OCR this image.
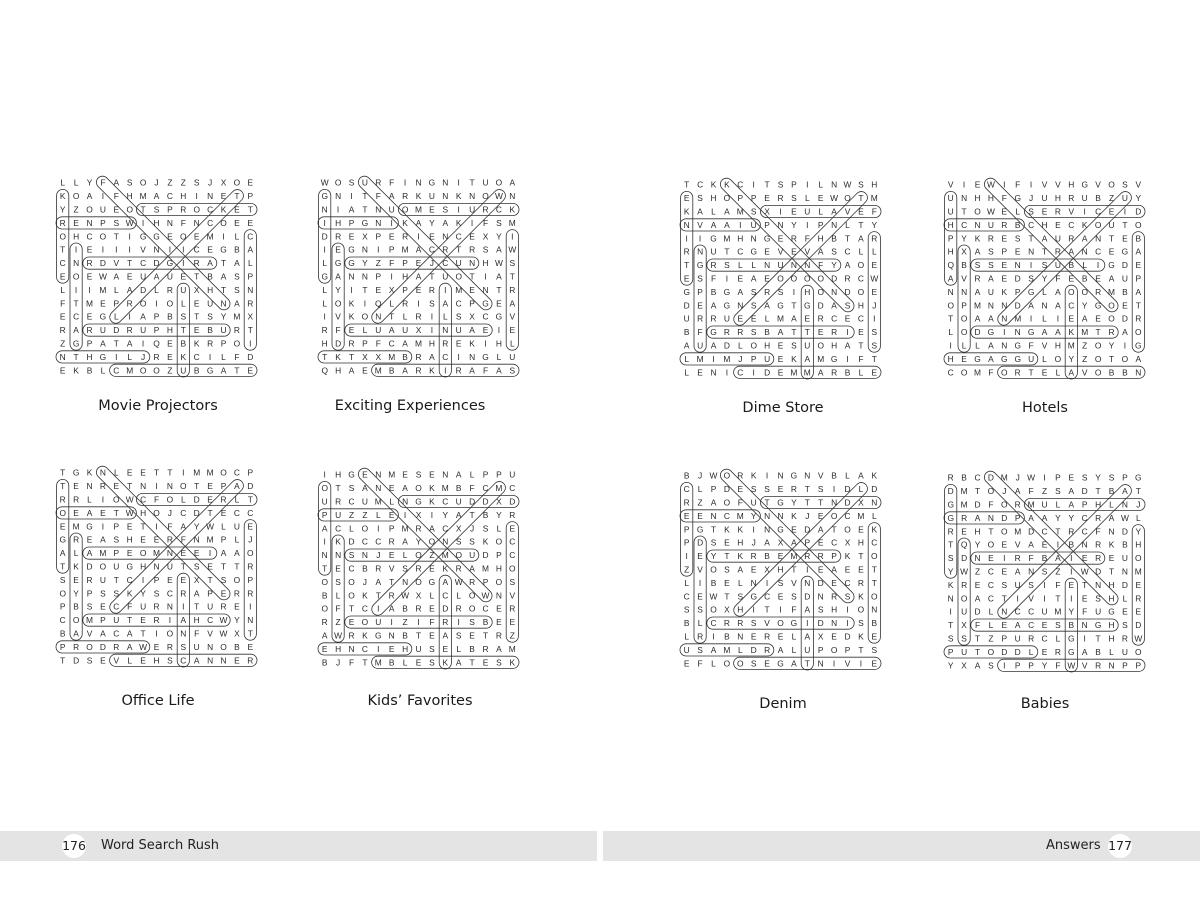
L L Y F A S O J Z Z S J X O E
K O A I F H M A C H I N E T P
Y Z O U E O T S P R O C K E T
R E N P S W I H N F N C O E E
O H C O T I G G E O E M I L C
T I E I I I V N I I C E G B A
C N R D V T C D G I R A T A L
E O E W A E U A U E T B A S P
L I I M L A D L R U X H T S N
F T M E P R O I O L E U N A R
E C E G L I A P B S T S Y M X
R A R U D R U P H T E B U R T
Z G P A T A I Q E B K R P O I
N T H G I L J R E K C I L F D
E K B L C M O O Z U B G A T E
W O S U R F I N G N I T U O A
G N I T F A R K U N K N O W N
N I A T N U O M E S I U R C K
I H P G N I K A Y A K I F S M
D R E X P E R I E N C E X Y I
I E G N I P M A C R T R S A W
L G G Y Z F P E J C U N H W S
G A N N P I H A T U O T I A T
L Y I T E X P E R I M E N T R
L O K I Q L R I S A C P G E A
I V K O N T L R I L S X C G V
R F E L U A U X I N U A E I E
H D R P F C A M H R E K I H L
T K T X X M B R A C I N G L U
Q H A E M B A R K I R A F A S
T C K K C I T S P I L N W S H
E S H O P P E R S L E W O T M
K A L A M S X I E U L A V E F
N V A A I U P N Y I P N L T Y
I I G M H N G E R F H B T A R
R N U T C G E V E V A S C L L
T G R S L L N U N N F Y A O E
E S F I E A E O O O O D R C W
G P B G A S R S I H O N D O E
D E A G N S A G T G D A S H J
U R R U E E L M A E R C E C I
B F G R R S B A T T E R I E S
A U A D L O H E S U O H A T S
L M I M J P U E K A M G I F T
L E N I C I D E M M A R B L E
V I E W I F I V V H G V O S V
U N H H F G J U H R U B Z U Y
U T O W E L S E R V I C E I D
H C N U R B C H E C K O U T O
P Y K R E S T A U R A N T E B
H X A S P E N T R A N C E G A
Q B S S E N I S U B L I G D E
A V R A E D S Y F E B E A U P
N N A U K P G L A O O R M B A
O P M N N D A N A C Y G O E T
T O A A N M I L I E A E O D R
L O D G I N G A A K M T R A O
I L L A N G F V H M Z O Y I G
H E G A G G U L O Y Z O T O A
C O M F O R T E L A V O B B N
T G K N L E E T T I M M O C P
T E N R E T N I N O T E P A D
R R L I O W C F O L D E R L T
O E A E T W H O J C D T E C C
E M G I P E T I F A Y W L U E
G R E A S H E E R F N M P L J
A L A M P E O M N E E I A A O
T K D O U G H N U T S E T T R
S E R U T C I P E E X T S O P
O Y P S S K Y S C R A P E R R
P B S E C F U R N I T U R E I
C O M P U T E R I A H C W Y N
B A V A C A T I O N F V W X T
P R O D R A W E R S U N O B E
T D S E V L E H S C A N N E R
I H G E N M E S E N A L P P U
O T S A N E A O K M B F C M C
U R C U M L N G K C U D D X D
P U Z Z L E I X I Y A T B Y R
A C L O I P M R A C X J S L E
I K D C C R A Y O N S S K O C
N N S N J E L O Z M O U D P C
T E C B R V S R E K R A M H O
O S O J A T N O G A W R P O S
B L O K T R W X L C L O W N V
O F T C I A B R E D R O C E R
R Z E O U I Z I F R I S B E E
A W R K G N B T E A S E T R Z
E H N C I E H U S E L B R A M
B J F T M B L E S K A T E S K
B J W O R K I N G N V B L A K
C L P D E S S E R T S I D L D
R Z A O F U T G Y T T N D X N
E E N C M Y N N K J E O C M L
P G T K K I N G E D A T O E K
P D S E H J A X A P E C X H C
I E Y T K R B E M R R P K T O
Z V O S A E X H T I E A E E T
L I B E L N I S V N D E C R T
C E W T S G C E S D N R S K O
S S O X H I T I F A S H I O N
B L C R R S V O G I D N I S B
L R I B N E R E L A X E D K E
U S A M L D R A L U P O P T S
E F L O O S E G A T N I V I E
R B C D M J W I P E S Y S P G
D M T O J A F Z S A D T B A T
G M D F O R M U L A P H L N J
G R A N D P A A Y Y C R A W L
R E H T O M D C T R C F N D Y
T Q Y O E V A E I B N R K B H
S D N E I R F B A I E R E U O
Y W Z C E A N S Z I W D T N M
K R E C S U S I F E T N H D E
N O A C T I V I T I E S H L R
I U D L N C C U M Y F U G E E
T X F L E A C E S B N G H S D
S S T Z P U R C L G I T H R W
P U T O D D L E R G A B L U O
Y X A S I P P Y F W V R N P P
Movie Projectors	Exciting Experiences	Dime Store	Hotels
Office Life	Kids’ Favorites	Denim	Babies
176 Word Search Rush	Answers 177
